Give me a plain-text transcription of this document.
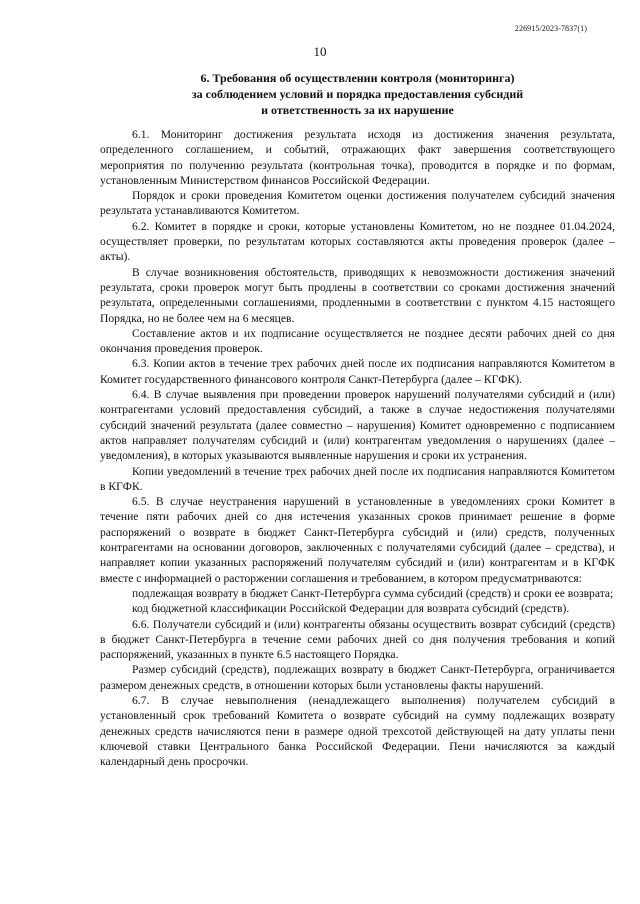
226915/2023-7837(1)
10
6. Требования об осуществлении контроля (мониторинга)
за соблюдением условий и порядка предоставления субсидий
и ответственность за их нарушение

6.1. Мониторинг достижения результата исходя из достижения значения результата, определенного соглашением, и событий, отражающих факт завершения соответствующего мероприятия по получению результата (контрольная точка), проводится в порядке и по формам, установленным Министерством финансов Российской Федерации.

Порядок и сроки проведения Комитетом оценки достижения получателем субсидий значения результата устанавливаются Комитетом.

6.2. Комитет в порядке и сроки, которые установлены Комитетом, но не позднее 01.04.2024, осуществляет проверки, по результатам которых составляются акты проведения проверок (далее – акты).

В случае возникновения обстоятельств, приводящих к невозможности достижения значений результата, сроки проверок могут быть продлены в соответствии со сроками достижения значений результата, определенными соглашениями, продленными в соответствии с пунктом 4.15 настоящего Порядка, но не более чем на 6 месяцев.

Составление актов и их подписание осуществляется не позднее десяти рабочих дней со дня окончания проведения проверок.

6.3. Копии актов в течение трех рабочих дней после их подписания направляются Комитетом в Комитет государственного финансового контроля Санкт-Петербурга (далее – КГФК).

6.4. В случае выявления при проведении проверок нарушений получателями субсидий и (или) контрагентами условий предоставления субсидий, а также в случае недостижения получателями субсидий значений результата (далее совместно – нарушения) Комитет одновременно с подписанием актов направляет получателям субсидий и (или) контрагентам уведомления о нарушениях (далее – уведомления), в которых указываются выявленные нарушения и сроки их устранения.

Копии уведомлений в течение трех рабочих дней после их подписания направляются Комитетом в КГФК.

6.5. В случае неустранения нарушений в установленные в уведомлениях сроки Комитет в течение пяти рабочих дней со дня истечения указанных сроков принимает решение в форме распоряжений о возврате в бюджет Санкт-Петербурга субсидий и (или) средств, полученных контрагентами на основании договоров, заключенных с получателями субсидий (далее – средства), и направляет копии указанных распоряжений получателям субсидий и (или) контрагентам и в КГФК вместе с информацией о расторжении соглашения и требованием, в котором предусматриваются:

подлежащая возврату в бюджет Санкт-Петербурга сумма субсидий (средств) и сроки ее возврата;

код бюджетной классификации Российской Федерации для возврата субсидий (средств).

6.6. Получатели субсидий и (или) контрагенты обязаны осуществить возврат субсидий (средств) в бюджет Санкт-Петербурга в течение семи рабочих дней со дня получения требования и копий распоряжений, указанных в пункте 6.5 настоящего Порядка.

Размер субсидий (средств), подлежащих возврату в бюджет Санкт-Петербурга, ограничивается размером денежных средств, в отношении которых были установлены факты нарушений.

6.7. В случае невыполнения (ненадлежащего выполнения) получателем субсидий в установленный срок требований Комитета о возврате субсидий на сумму подлежащих возврату денежных средств начисляются пени в размере одной трехсотой действующей на дату уплаты пени ключевой ставки Центрального банка Российской Федерации. Пени начисляются за каждый календарный день просрочки.
